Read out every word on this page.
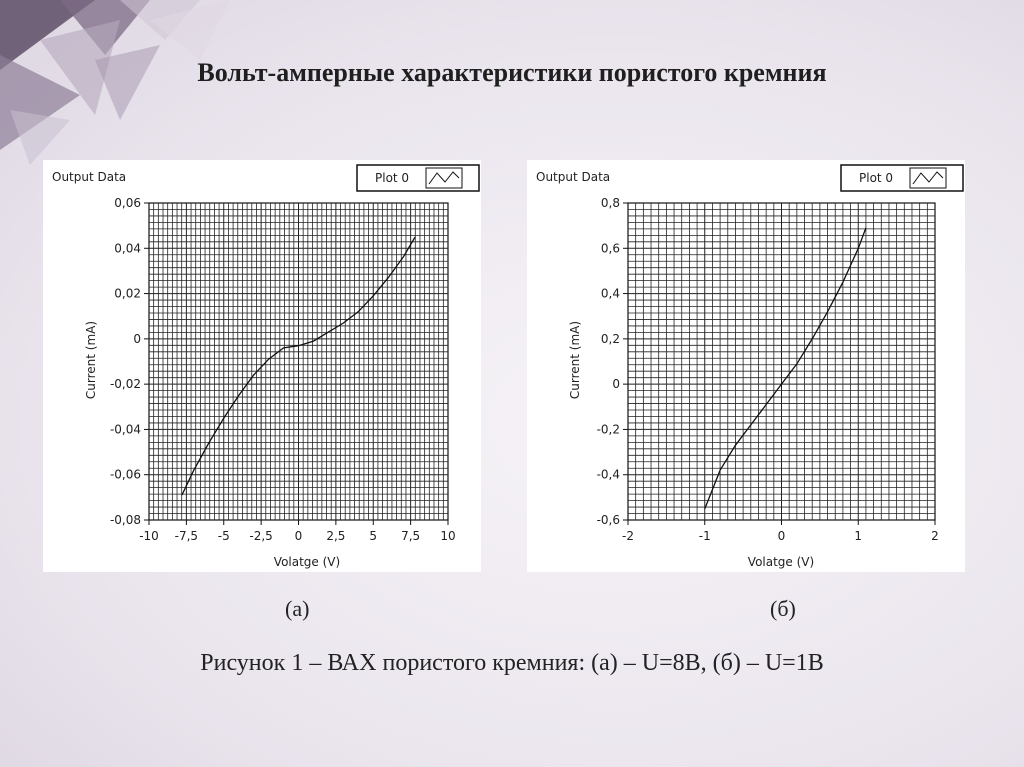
Вольт-амперные характеристики пористого кремния
Output Data	Plot 0
-10 -7,5 -5 -2,5 0 2,5 5 7,5 10
-0,08
-0,06
-0,04
-0,02
0
0,02
0,04
0,06
Volatge (V)
Current (mA)
Output Data	Plot 0
-2	-1	0	1	2
-0,6
-0,4
-0,2
0
0,2
0,4
0,6
0,8
Volatge (V)
Current (mA)
(а)	(б)
Рисунок 1 – ВАХ пористого кремния: (а) – U=8В, (б) – U=1В
